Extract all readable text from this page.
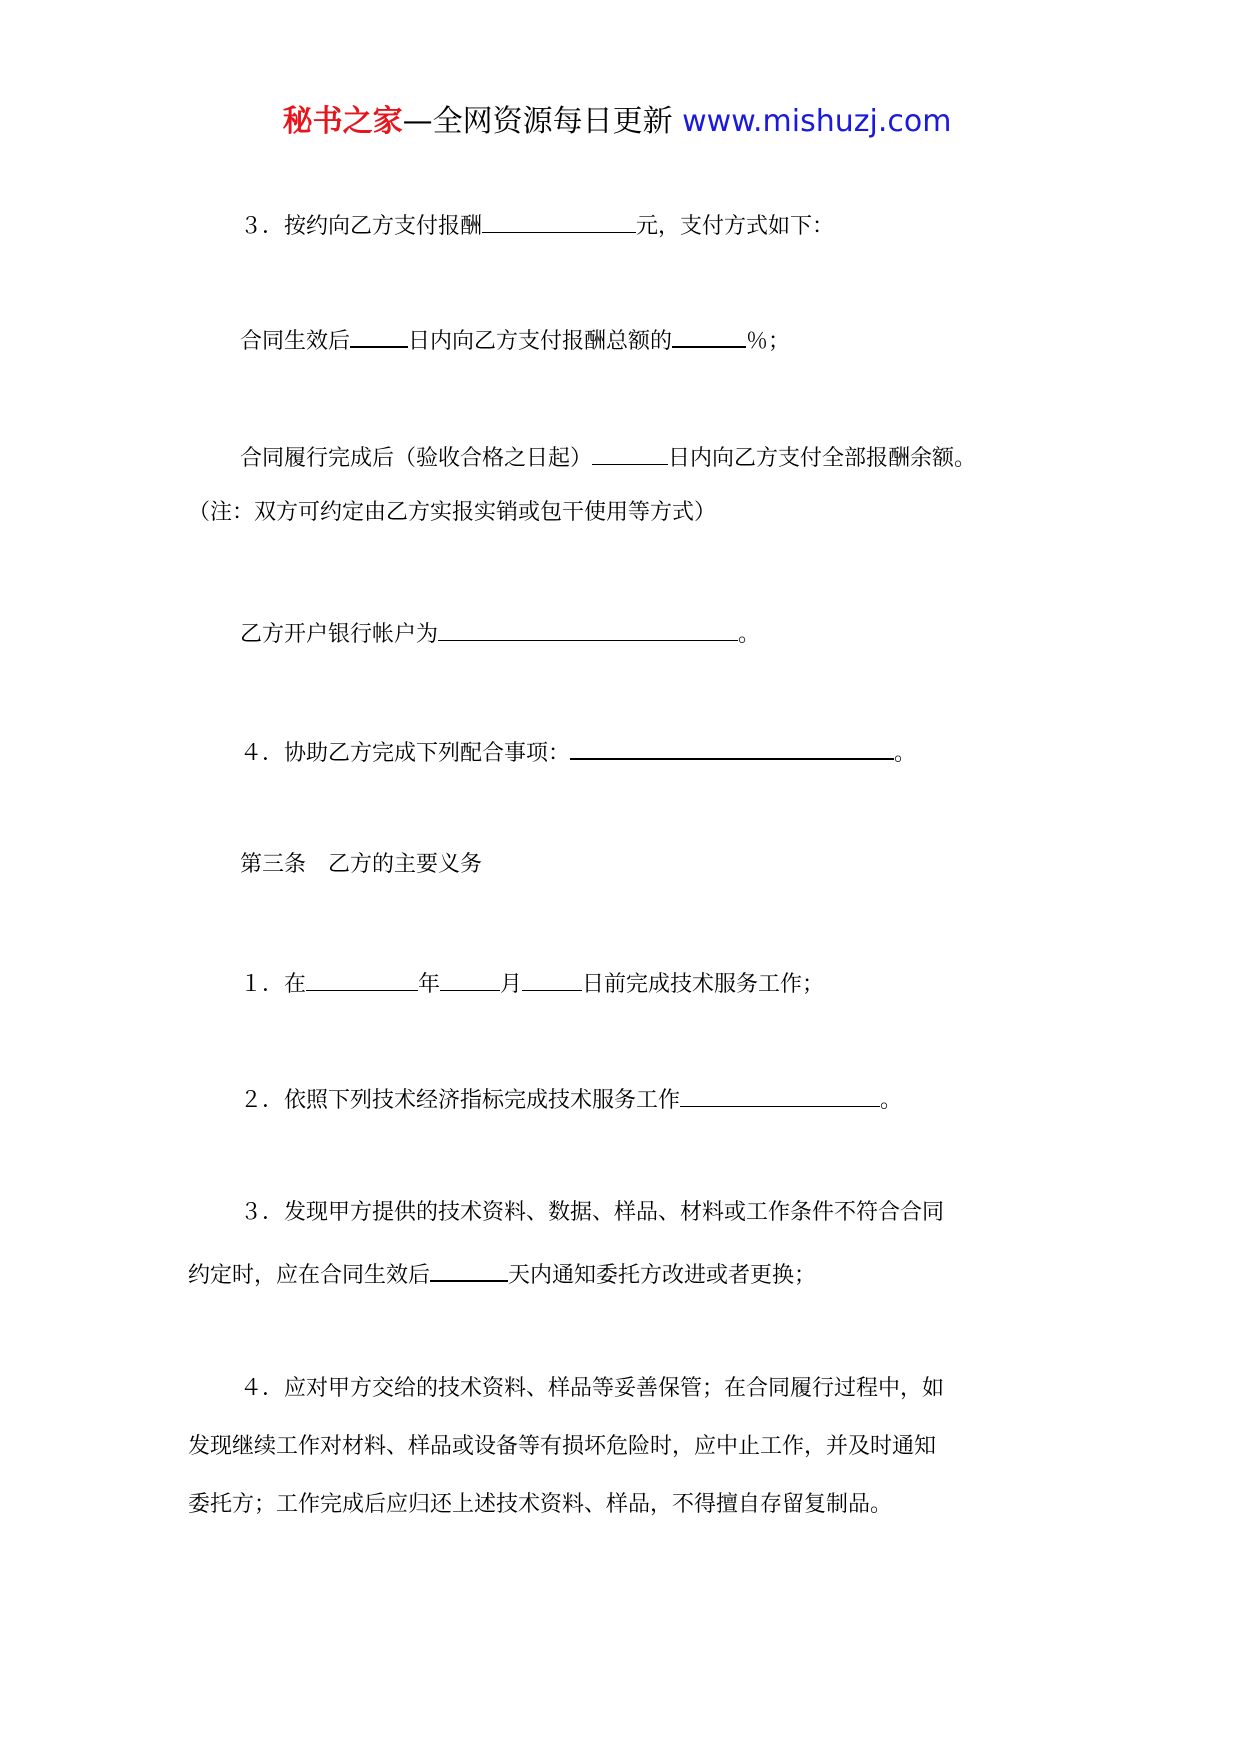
秘书之家—全网资源每日更新 www.mishuzj.com
３．按约向乙方支付报酬	元，支付方式如下：
合同生效后	日内向乙方支付报酬总额的	％；
合同履行完成后（验收合格之日起）	日内向乙方支付全部报酬余额。
（注：双方可约定由乙方实报实销或包干使用等方式）
乙方开户银行帐户为	。
４．协助乙方完成下列配合事项：	。
第三条　乙方的主要义务
１．在	年	月	日前完成技术服务工作；
２．依照下列技术经济指标完成技术服务工作	。
３．发现甲方提供的技术资料、数据、样品、材料或工作条件不符合合同
约定时，应在合同生效后	天内通知委托方改进或者更换；
４．应对甲方交给的技术资料、样品等妥善保管；在合同履行过程中，如
发现继续工作对材料、样品或设备等有损坏危险时，应中止工作，并及时通知
委托方；工作完成后应归还上述技术资料、样品，不得擅自存留复制品。
